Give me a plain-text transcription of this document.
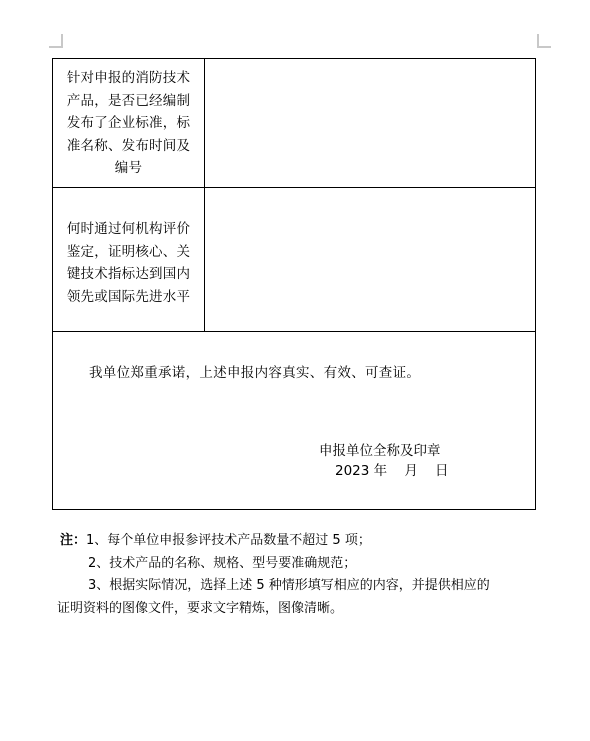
针对申报的消防技术
产品，是否已经编制
发布了企业标准，标
准名称、发布时间及
编号
何时通过何机构评价
鉴定，证明核心、关
键技术指标达到国内
领先或国际先进水平
我单位郑重承诺，上述申报内容真实、有效、可查证。
申报单位全称及印章
2023 年    月    日
注：1、每个单位申报参评技术产品数量不超过 5 项；
2、技术产品的名称、规格、型号要准确规范；
3、根据实际情况，选择上述 5 种情形填写相应的内容，并提供相应的
证明资料的图像文件，要求文字精炼，图像清晰。
